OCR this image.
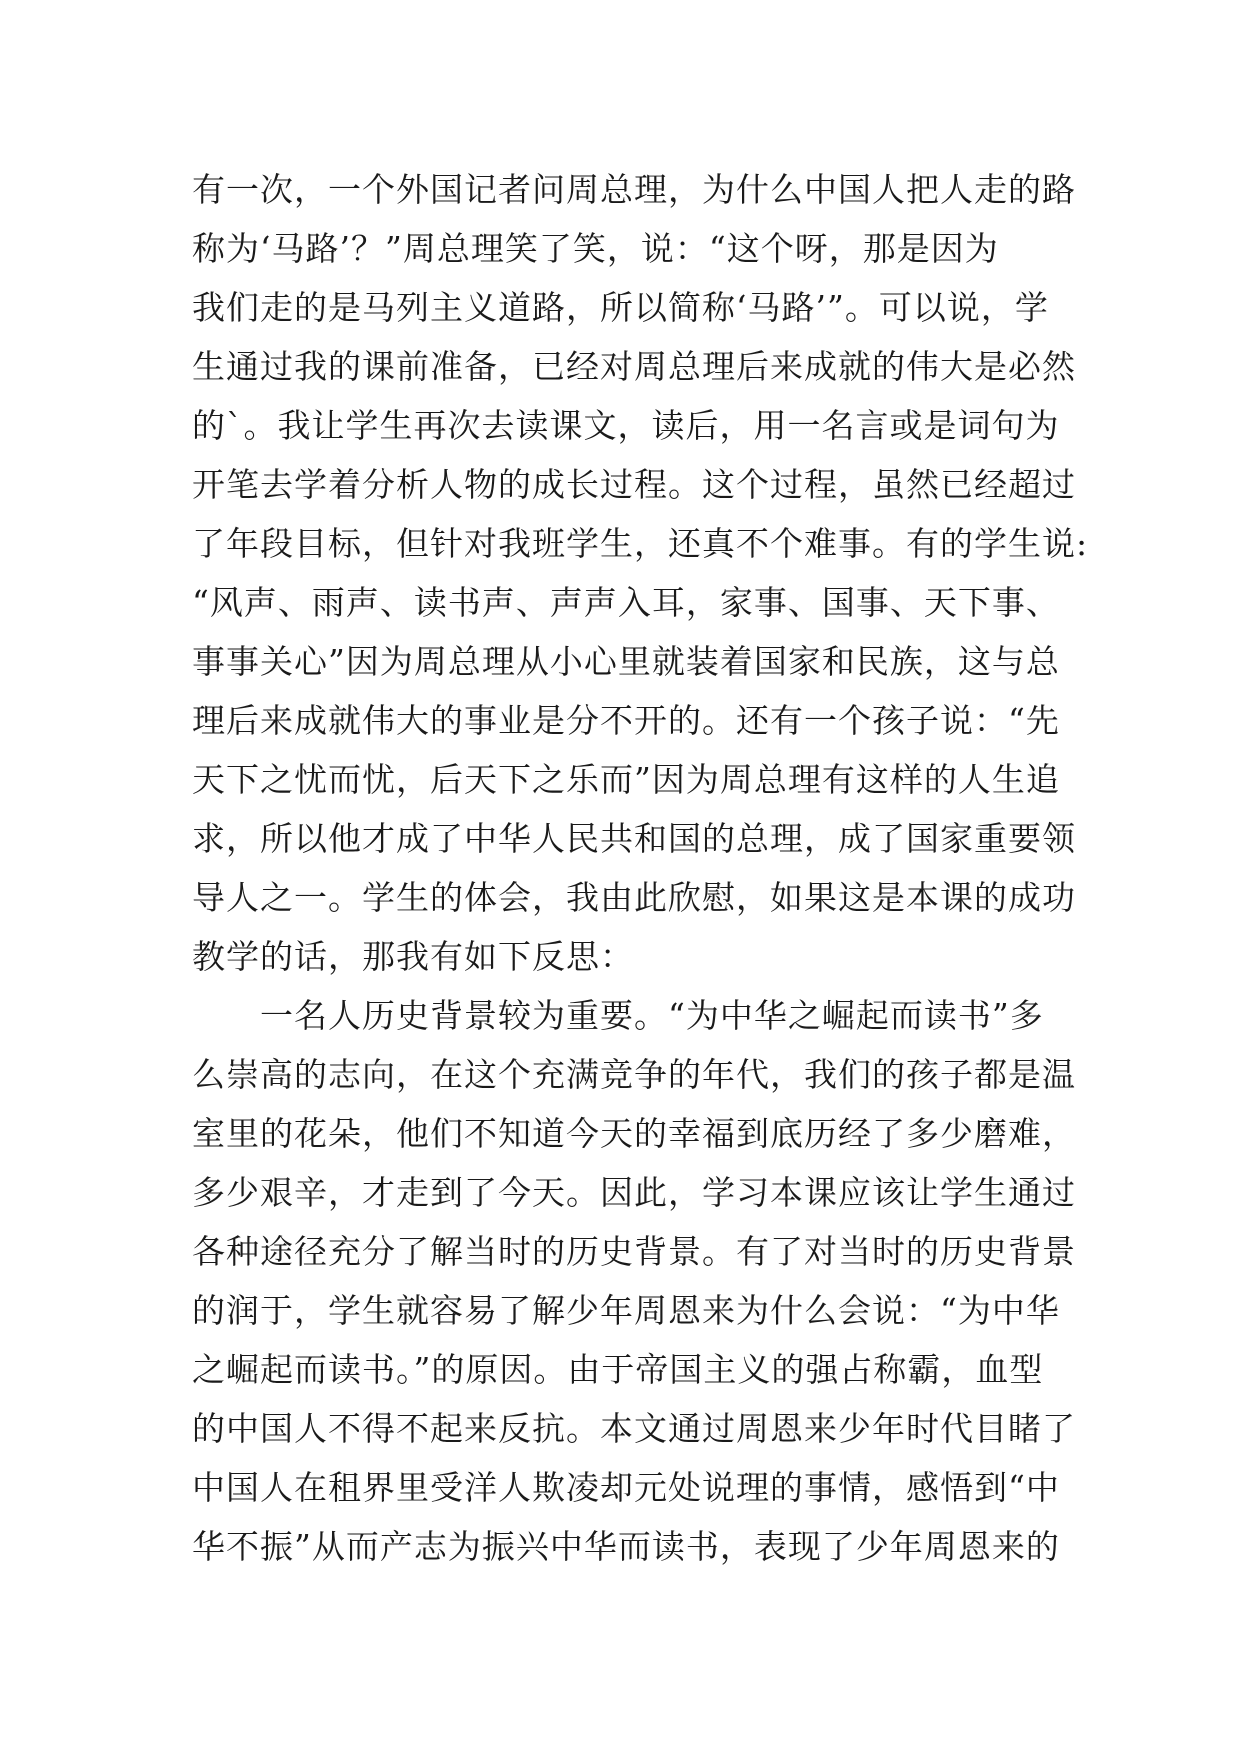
有一次，一个外国记者问周总理，为什么中国人把人走的路
称为‘马路’？”周总理笑了笑，说：“这个呀，那是因为
我们走的是马列主义道路，所以简称‘马路’”。可以说，学
生通过我的课前准备，已经对周总理后来成就的伟大是必然
的`。我让学生再次去读课文，读后，用一名言或是词句为
开笔去学着分析人物的成长过程。这个过程，虽然已经超过
了年段目标，但针对我班学生，还真不个难事。有的学生说:
“风声、雨声、读书声、声声入耳，家事、国事、天下事、
事事关心”因为周总理从小心里就装着国家和民族，这与总
理后来成就伟大的事业是分不开的。还有一个孩子说：“先
天下之忧而忧，后天下之乐而”因为周总理有这样的人生追
求，所以他才成了中华人民共和国的总理，成了国家重要领
导人之一。学生的体会，我由此欣慰，如果这是本课的成功
教学的话，那我有如下反思：
　　一名人历史背景较为重要。“为中华之崛起而读书”多
么崇高的志向，在这个充满竞争的年代，我们的孩子都是温
室里的花朵，他们不知道今天的幸福到底历经了多少磨难，
多少艰辛，才走到了今天。因此，学习本课应该让学生通过
各种途径充分了解当时的历史背景。有了对当时的历史背景
的润于，学生就容易了解少年周恩来为什么会说：“为中华
之崛起而读书。”的原因。由于帝国主义的强占称霸，血型
的中国人不得不起来反抗。本文通过周恩来少年时代目睹了
中国人在租界里受洋人欺凌却元处说理的事情，感悟到“中
华不振”从而产志为振兴中华而读书，表现了少年周恩来的
